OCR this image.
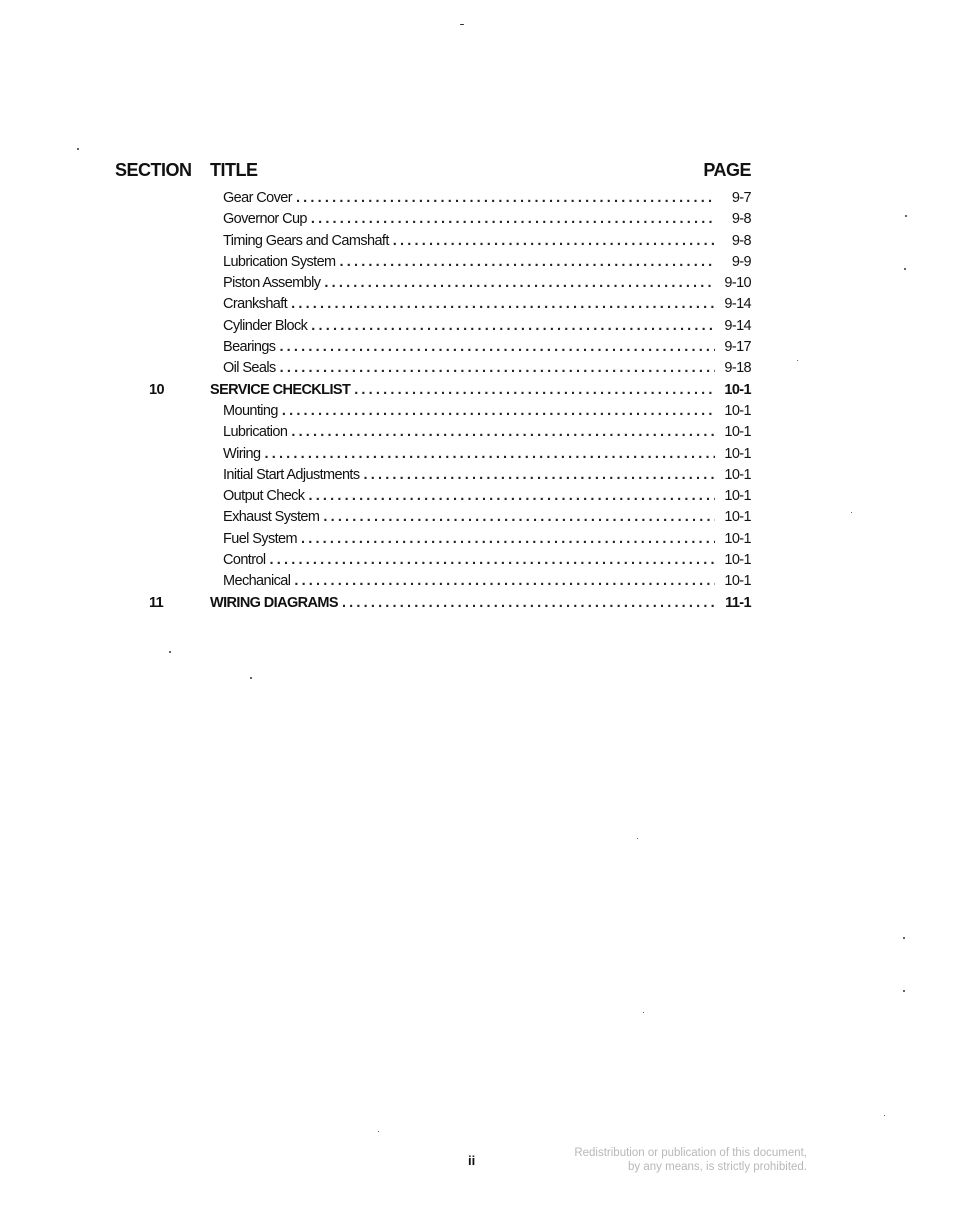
SECTION TITLE	PAGE
Gear Cover .....	9-7
Governor Cup .....	9-8
Timing Gears and Camshaft .....	9-8
Lubrication System .....	9-9
Piston Assembly .....	9-10
Crankshaft .....	9-14
Cylinder Block .....	9-14
Bearings .....	9-17
Oil Seals .....	9-18
10	SERVICE CHECKLIST .....	10-1
Mounting .....	10-1
Lubrication .....	10-1
Wiring .....	10-1
Initial Start Adjustments .....	10-1
Output Check .....	10-1
Exhaust System .....	10-1
Fuel System .....	10-1
Control .....	10-1
Mechanical .....	10-1
11	WIRING DIAGRAMS .....	11-1
ii	Redistribution or publication of this document,
by any means, is strictly prohibited.
